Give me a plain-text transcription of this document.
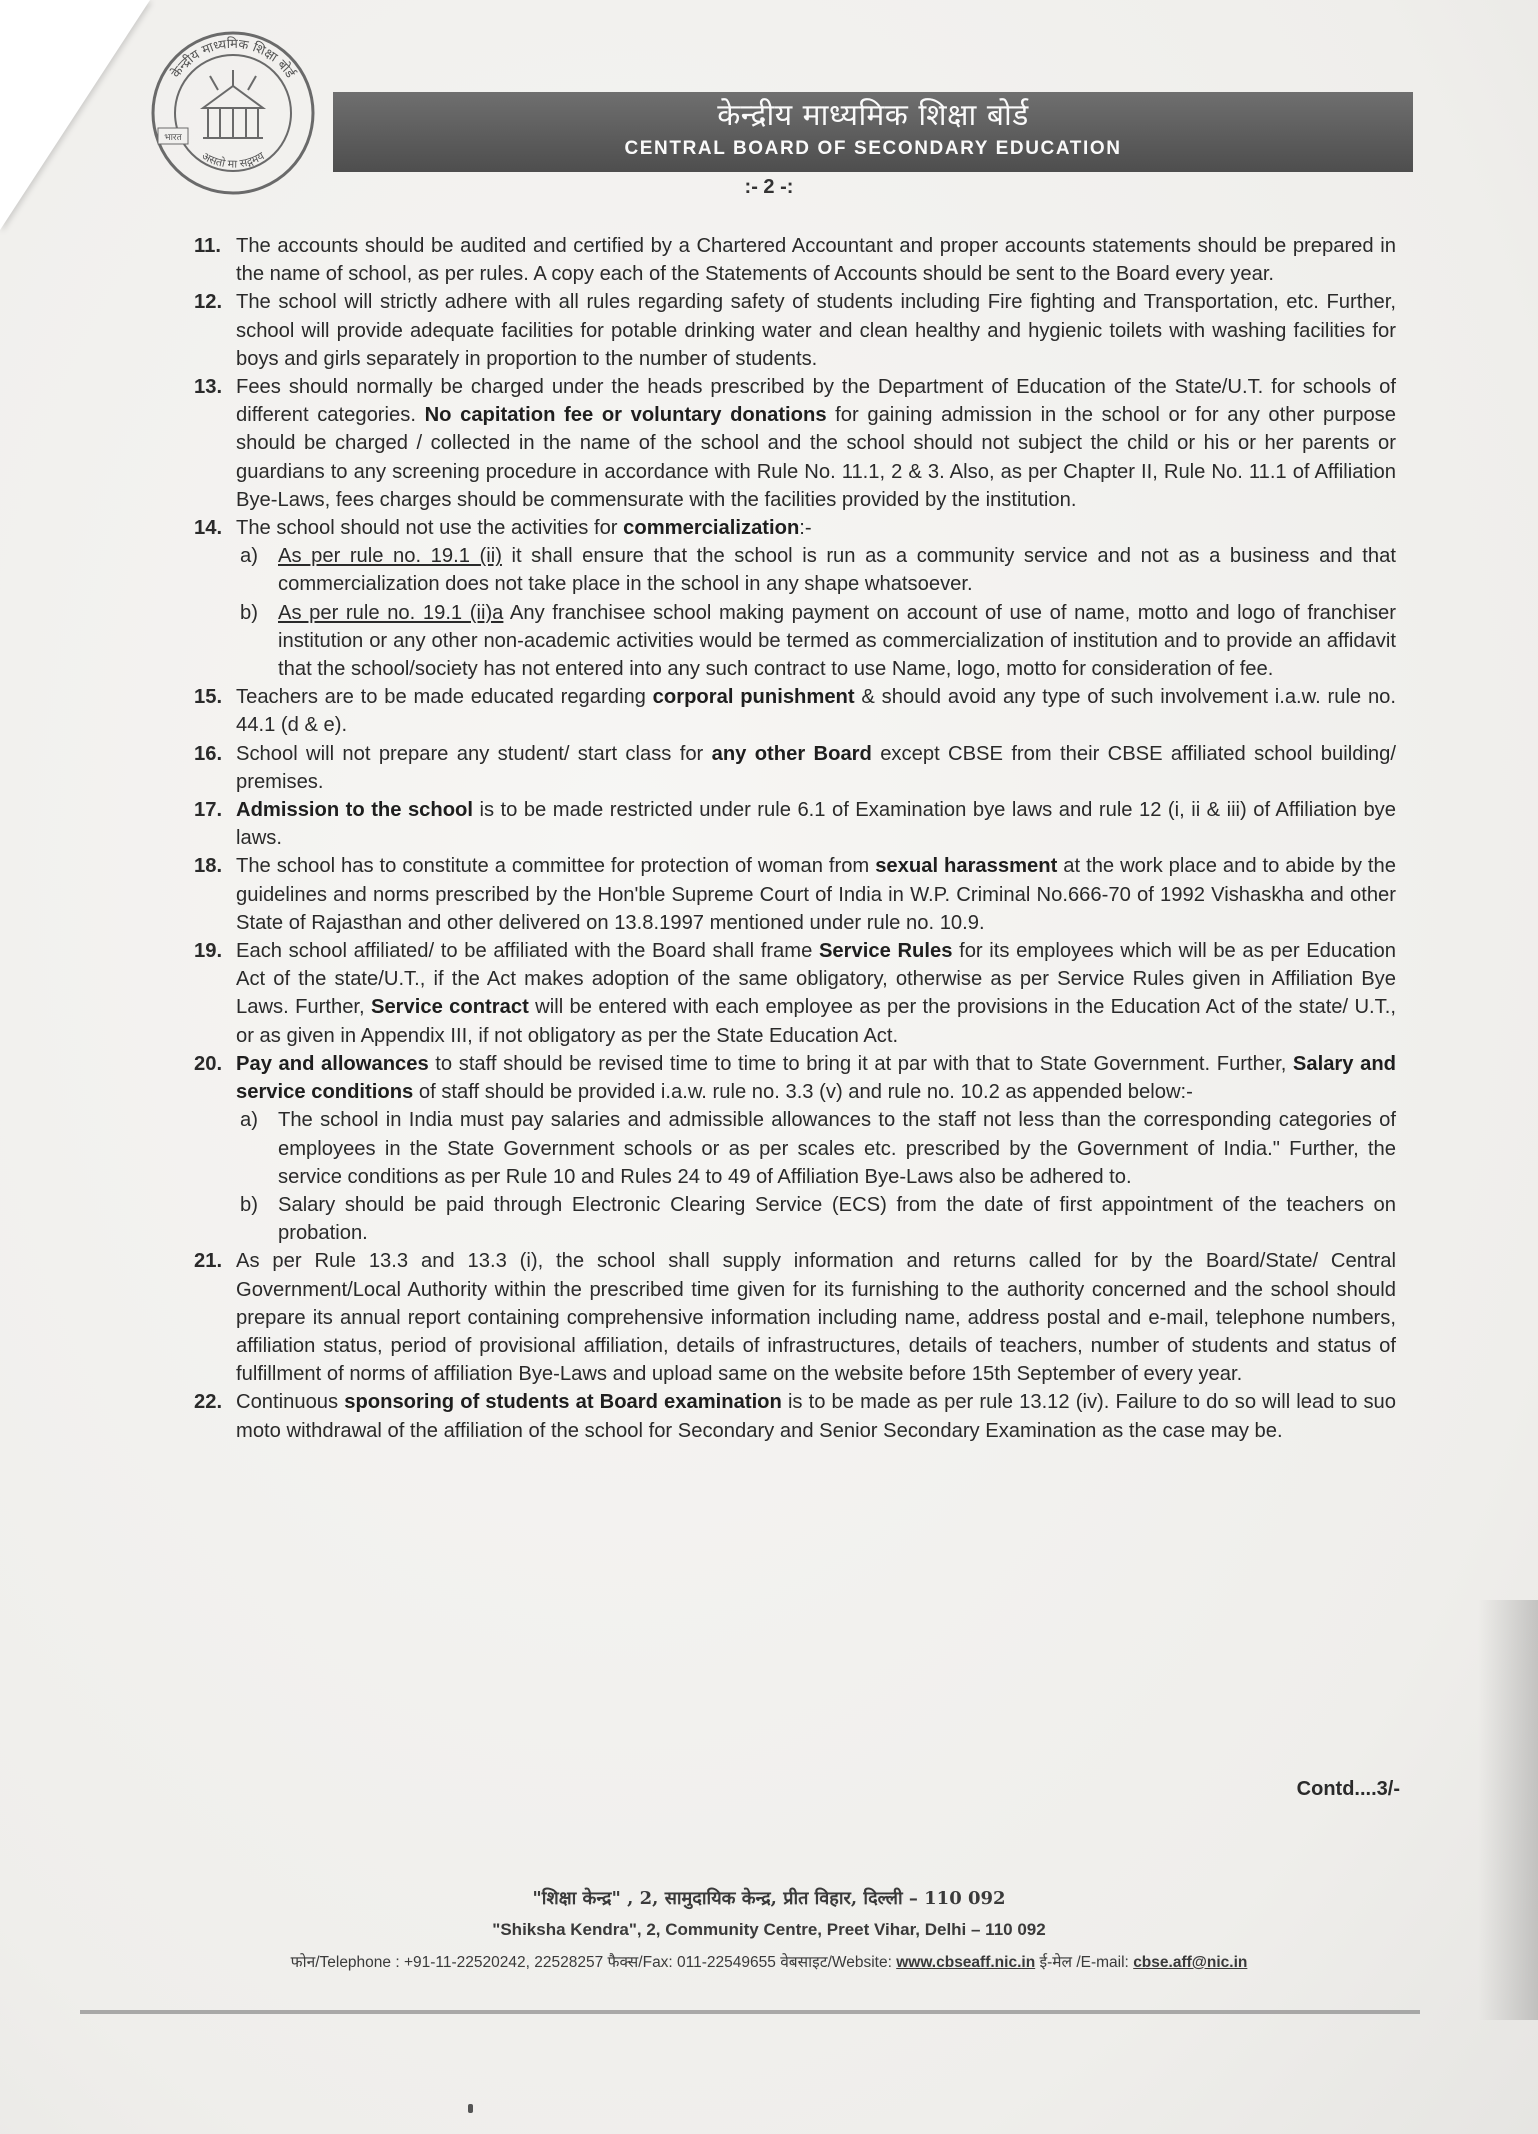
केन्द्रीय माध्यमिक शिक्षा बोर्ड
असतो मा सद्गमय
भारत
केन्द्रीय माध्यमिक शिक्षा बोर्ड
CENTRAL BOARD OF SECONDARY EDUCATION
:- 2 -:
11. The accounts should be audited and certified by a Chartered Accountant and proper accounts statements should be prepared in the name of school, as per rules. A copy each of the Statements of Accounts should be sent to the Board every year.
12. The school will strictly adhere with all rules regarding safety of students including Fire fighting and Transportation, etc. Further, school will provide adequate facilities for potable drinking water and clean healthy and hygienic toilets with washing facilities for boys and girls separately in proportion to the number of students.
13. Fees should normally be charged under the heads prescribed by the Department of Education of the State/U.T. for schools of different categories. No capitation fee or voluntary donations for gaining admission in the school or for any other purpose should be charged / collected in the name of the school and the school should not subject the child or his or her parents or guardians to any screening procedure in accordance with Rule No. 11.1, 2 & 3. Also, as per Chapter II, Rule No. 11.1 of Affiliation Bye-Laws, fees charges should be commensurate with the facilities provided by the institution.
14. The school should not use the activities for commercialization:-
a) As per rule no. 19.1 (ii) it shall ensure that the school is run as a community service and not as a business and that commercialization does not take place in the school in any shape whatsoever.
b) As per rule no. 19.1 (ii)a Any franchisee school making payment on account of use of name, motto and logo of franchiser institution or any other non-academic activities would be termed as commercialization of institution and to provide an affidavit that the school/society has not entered into any such contract to use Name, logo, motto for consideration of fee.
15. Teachers are to be made educated regarding corporal punishment & should avoid any type of such involvement i.a.w. rule no. 44.1 (d & e).
16. School will not prepare any student/ start class for any other Board except CBSE from their CBSE affiliated school building/ premises.
17. Admission to the school is to be made restricted under rule 6.1 of Examination bye laws and rule 12 (i, ii & iii) of Affiliation bye laws.
18. The school has to constitute a committee for protection of woman from sexual harassment at the work place and to abide by the guidelines and norms prescribed by the Hon'ble Supreme Court of India in W.P. Criminal No.666-70 of 1992 Vishaskha and other State of Rajasthan and other delivered on 13.8.1997 mentioned under rule no. 10.9.
19. Each school affiliated/ to be affiliated with the Board shall frame Service Rules for its employees which will be as per Education Act of the state/U.T., if the Act makes adoption of the same obligatory, otherwise as per Service Rules given in Affiliation Bye Laws. Further, Service contract will be entered with each employee as per the provisions in the Education Act of the state/ U.T., or as given in Appendix III, if not obligatory as per the State Education Act.
20. Pay and allowances to staff should be revised time to time to bring it at par with that to State Government. Further, Salary and service conditions of staff should be provided i.a.w. rule no. 3.3 (v) and rule no. 10.2 as appended below:-
a) The school in India must pay salaries and admissible allowances to the staff not less than the corresponding categories of employees in the State Government schools or as per scales etc. prescribed by the Government of India." Further, the service conditions as per Rule 10 and Rules 24 to 49 of Affiliation Bye-Laws also be adhered to.
b) Salary should be paid through Electronic Clearing Service (ECS) from the date of first appointment of the teachers on probation.
21. As per Rule 13.3 and 13.3 (i), the school shall supply information and returns called for by the Board/State/ Central Government/Local Authority within the prescribed time given for its furnishing to the authority concerned and the school should prepare its annual report containing comprehensive information including name, address postal and e-mail, telephone numbers, affiliation status, period of provisional affiliation, details of infrastructures, details of teachers, number of students and status of fulfillment of norms of affiliation Bye-Laws and upload same on the website before 15th September of every year.
22. Continuous sponsoring of students at Board examination is to be made as per rule 13.12 (iv). Failure to do so will lead to suo moto withdrawal of the affiliation of the school for Secondary and Senior Secondary Examination as the case may be.
Contd....3/-
"शिक्षा केन्द्र" , 2, सामुदायिक केन्द्र, प्रीत विहार, दिल्ली – 110 092
"Shiksha Kendra", 2, Community Centre, Preet Vihar, Delhi – 110 092
फोन/Telephone : +91-11-22520242, 22528257 फैक्स/Fax: 011-22549655 वेबसाइट/Website: www.cbseaff.nic.in ई-मेल /E-mail: cbse.aff@nic.in
